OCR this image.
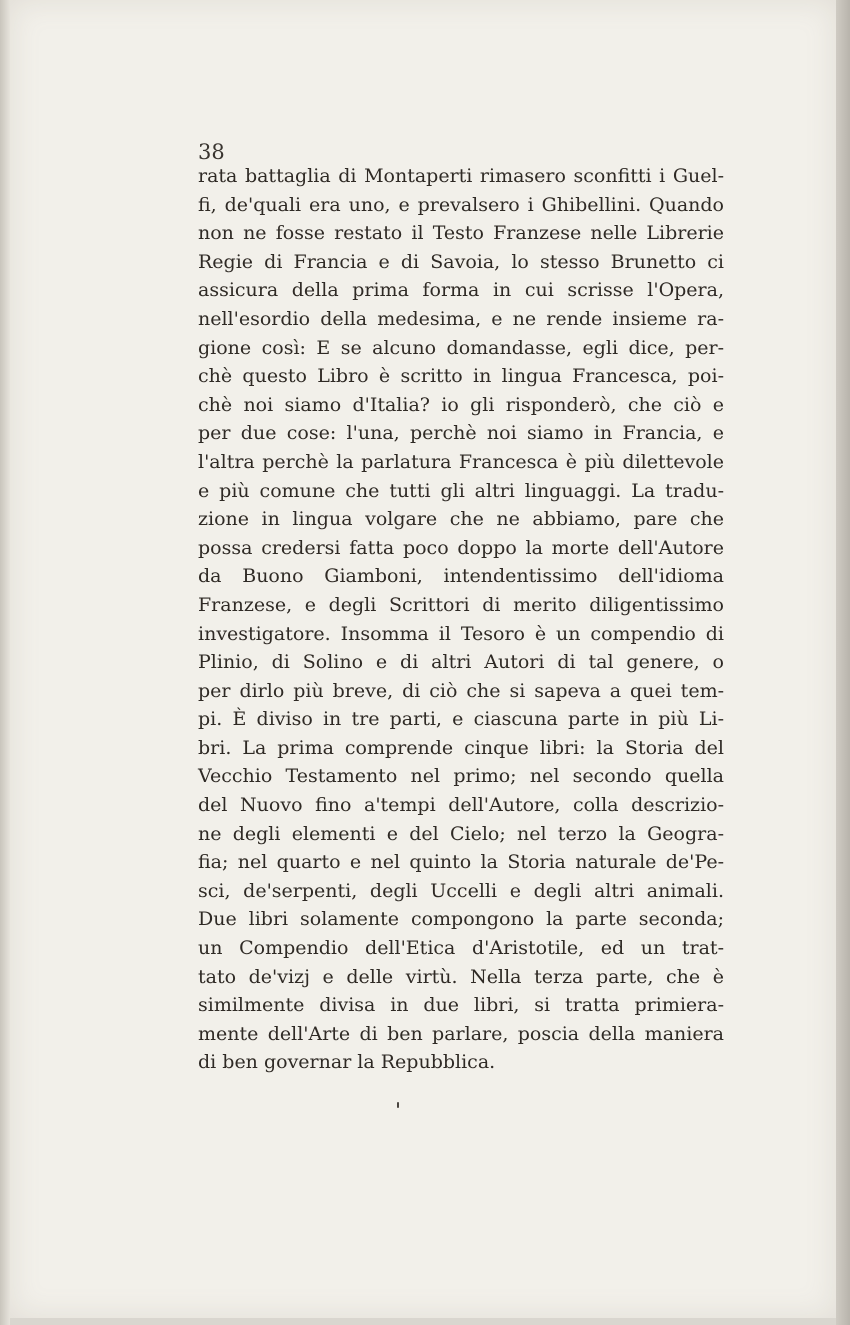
38

rata battaglia di Montaperti rimasero sconfitti i Guel-
fi, de'quali era uno, e prevalsero i Ghibellini. Quando
non ne fosse restato il Testo Franzese nelle Librerie
Regie di Francia e di Savoia, lo stesso Brunetto ci
assicura della prima forma in cui scrisse l'Opera,
nell'esordio della medesima, e ne rende insieme ra-
gione così: E se alcuno domandasse, egli dice, per-
chè questo Libro è scritto in lingua Francesca, poi-
chè noi siamo d'Italia? io gli risponderò, che ciò e
per due cose: l'una, perchè noi siamo in Francia, e
l'altra perchè la parlatura Francesca è più dilettevole
e più comune che tutti gli altri linguaggi. La tradu-
zione in lingua volgare che ne abbiamo, pare che
possa credersi fatta poco doppo la morte dell'Autore
da Buono Giamboni, intendentissimo dell'idioma
Franzese, e degli Scrittori di merito diligentissimo
investigatore. Insomma il Tesoro è un compendio di
Plinio, di Solino e di altri Autori di tal genere, o
per dirlo più breve, di ciò che si sapeva a quei tem-
pi. È diviso in tre parti, e ciascuna parte in più Li-
bri. La prima comprende cinque libri: la Storia del
Vecchio Testamento nel primo; nel secondo quella
del Nuovo fino a'tempi dell'Autore, colla descrizio-
ne degli elementi e del Cielo; nel terzo la Geogra-
fia; nel quarto e nel quinto la Storia naturale de'Pe-
sci, de'serpenti, degli Uccelli e degli altri animali.
Due libri solamente compongono la parte seconda;
un Compendio dell'Etica d'Aristotile, ed un trat-
tato de'vizj e delle virtù. Nella terza parte, che è
similmente divisa in due libri, si tratta primiera-
mente dell'Arte di ben parlare, poscia della maniera
di ben governar la Repubblica.
